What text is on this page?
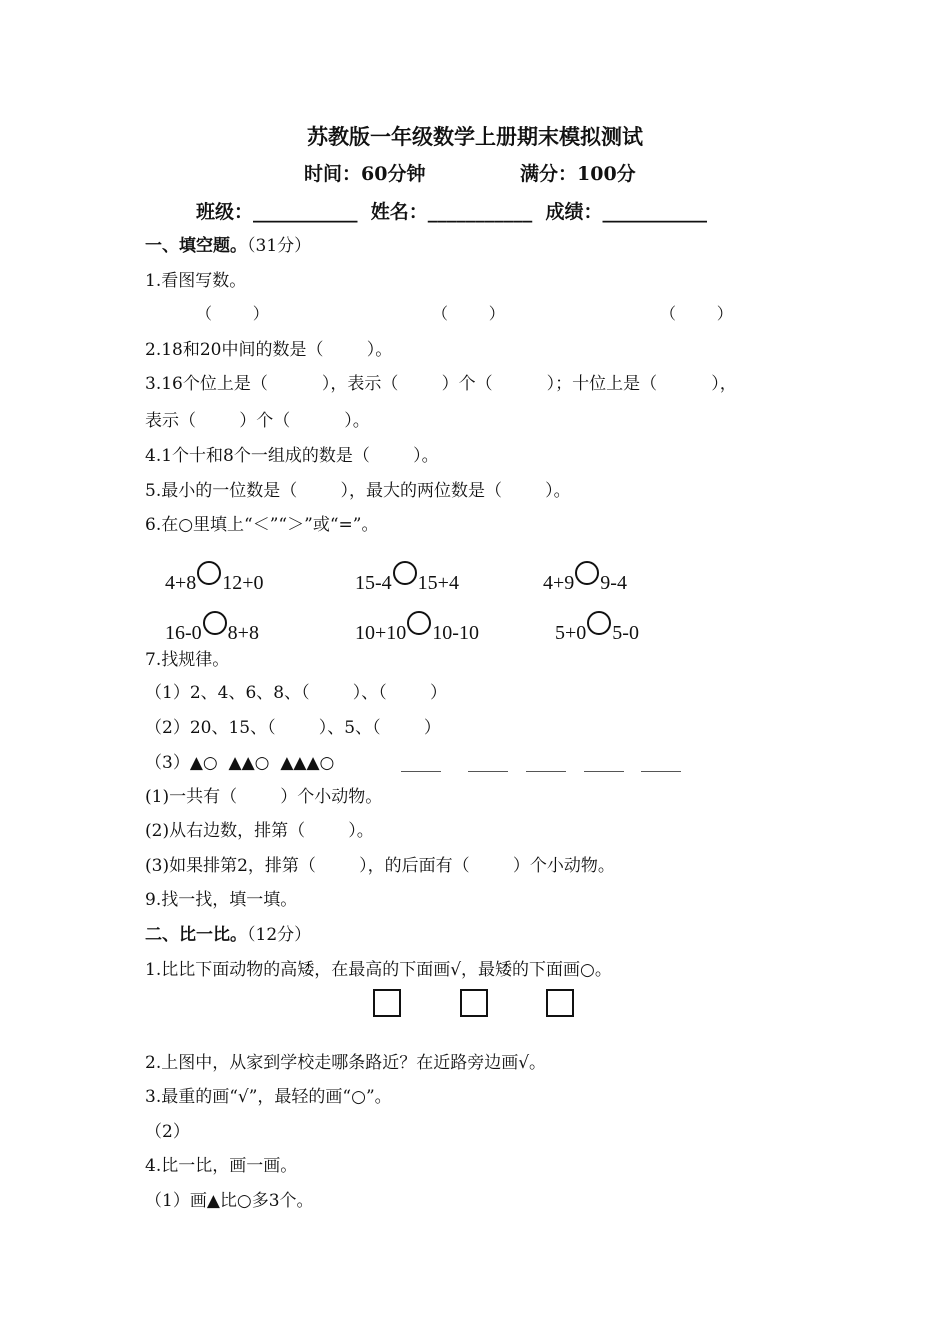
苏教版一年级数学上册期末模拟测试
时间：60分钟	满分：100分
班级：___________ 姓名：___________ 成绩：___________
一、填空题。（31分）
1.看图写数。
（        ）	（        ）	（        ）
2.18和20中间的数是（        ）。
3.16个位上是（          ），表示（        ）个（          ）；十位上是（          ），
表示（        ）个（          ）。
4.1个十和8个一组成的数是（        ）。
5.最小的一位数是（        ），最大的两位数是（        ）。
6.在○里填上“＜”“＞”或“=”。
4+8 12+0	15-4 15+4	4+9 9-4
16-0 8+8	10+10 10-10	5+0 5-0
7.找规律。
（1）2、4、6、8、（        ）、（        ）
（2）20、15、（        ）、5、（        ）
（3）▲○  ▲▲○  ▲▲▲○
(1)一共有（        ）个小动物。
(2)从右边数，排第（        ）。
(3)如果排第2，排第（        ），的后面有（        ）个小动物。
9.找一找，填一填。
二、比一比。（12分）
1.比比下面动物的高矮，在最高的下面画√，最矮的下面画○。
2.上图中，从家到学校走哪条路近？在近路旁边画√。
3.最重的画“√”，最轻的画“○”。
（2）
4.比一比，画一画。
（1）画▲比○多3个。
